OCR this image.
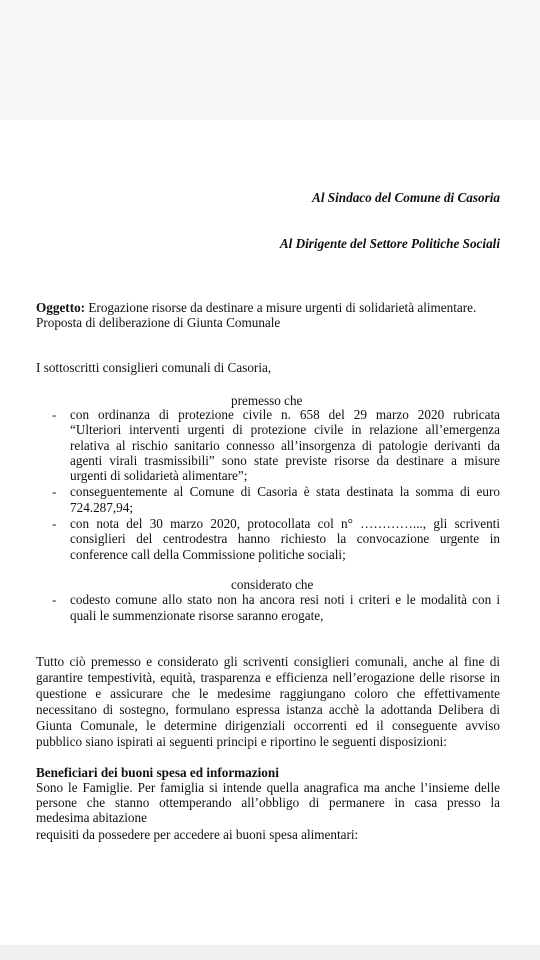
Al Sindaco del Comune di Casoria
Al Dirigente del Settore Politiche Sociali
Oggetto: Erogazione risorse da destinare a misure urgenti di solidarietà alimentare.
Proposta di deliberazione di Giunta Comunale
I sottoscritti consiglieri comunali di Casoria,
premesso che
- con ordinanza di protezione civile n. 658 del 29 marzo 2020 rubricata
“Ulteriori interventi urgenti di protezione civile in relazione all’emergenza
relativa al rischio sanitario connesso all’insorgenza di patologie derivanti da
agenti virali trasmissibili” sono state previste risorse da destinare a misure
urgenti di solidarietà alimentare”;
- conseguentemente al Comune di Casoria è stata destinata la somma di euro
724.287,94;
- con nota del 30 marzo 2020, protocollata col n° …………..., gli scriventi
consiglieri del centrodestra hanno richiesto la convocazione urgente in
conference call della Commissione politiche sociali;
considerato che
- codesto comune allo stato non ha ancora resi noti i criteri e le modalità con i
quali le summenzionate risorse saranno erogate,
Tutto ciò premesso e considerato gli scriventi consiglieri comunali, anche al fine di
garantire tempestività, equità, trasparenza e efficienza nell’erogazione delle risorse in
questione e assicurare che le medesime raggiungano coloro che effettivamente
necessitano di sostegno, formulano espressa istanza acchè la adottanda Delibera di
Giunta Comunale, le determine dirigenziali occorrenti ed il conseguente avviso
pubblico siano ispirati ai seguenti principi e riportino le seguenti disposizioni:
Beneficiari dei buoni spesa ed informazioni
Sono le Famiglie. Per famiglia si intende quella anagrafica ma anche l’insieme delle
persone che stanno ottemperando all’obbligo di permanere in casa presso la
medesima abitazione
requisiti da possedere per accedere ai buoni spesa alimentari:
